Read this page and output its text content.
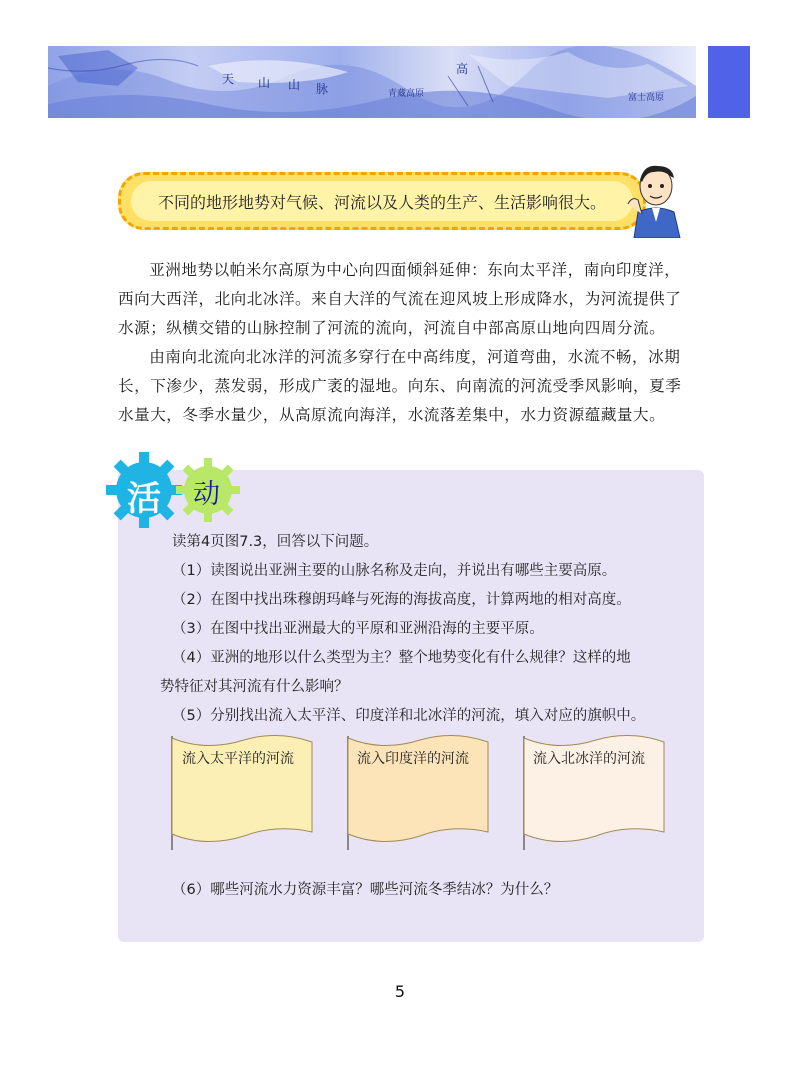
天 山 山 脉
高
青藏高原	富士高原
不同的地形地势对气候、河流以及人类的生产、生活影响很大。

亚洲地势以帕米尔高原为中心向四面倾斜延伸：东向太平洋，南向印度洋，西向大西洋，北向北冰洋。来自大洋的气流在迎风坡上形成降水，为河流提供了水源；纵横交错的山脉控制了河流的流向，河流自中部高原山地向四周分流。

由南向北流向北冰洋的河流多穿行在中高纬度，河道弯曲，水流不畅，冰期长，下渗少，蒸发弱，形成广袤的湿地。向东、向南流的河流受季风影响，夏季水量大，冬季水量少，从高原流向海洋，水流落差集中，水力资源蕴藏量大。

活 动
读第4页图7.3，回答以下问题。
（1）读图说出亚洲主要的山脉名称及走向，并说出有哪些主要高原。
（2）在图中找出珠穆朗玛峰与死海的海拔高度，计算两地的相对高度。
（3）在图中找出亚洲最大的平原和亚洲沿海的主要平原。
（4）亚洲的地形以什么类型为主？整个地势变化有什么规律？这样的地
势特征对其河流有什么影响？
（5）分别找出流入太平洋、印度洋和北冰洋的河流，填入对应的旗帜中。
流入太平洋的河流	流入印度洋的河流	流入北冰洋的河流
（6）哪些河流水力资源丰富？哪些河流冬季结冰？为什么？
5
